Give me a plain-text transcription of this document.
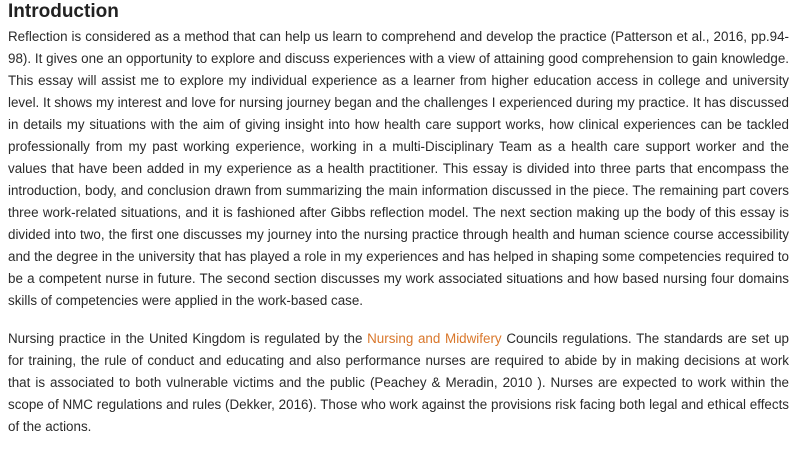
Introduction

Reflection is considered as a method that can help us learn to comprehend and develop the practice (Patterson et al., 2016, pp.94-98). It gives one an opportunity to explore and discuss experiences with a view of attaining good comprehension to gain knowledge. This essay will assist me to explore my individual experience as a learner from higher education access in college and university level. It shows my interest and love for nursing journey began and the challenges I experienced during my practice. It has discussed in details my situations with the aim of giving insight into how health care support works, how clinical experiences can be tackled professionally from my past working experience, working in a multi-Disciplinary Team as a health care support worker and the values that have been added in my experience as a health practitioner. This essay is divided into three parts that encompass the introduction, body, and conclusion drawn from summarizing the main information discussed in the piece. The remaining part covers three work-related situations, and it is fashioned after Gibbs reflection model. The next section making up the body of this essay is divided into two, the first one discusses my journey into the nursing practice through health and human science course accessibility and the degree in the university that has played a role in my experiences and has helped in shaping some competencies required to be a competent nurse in future. The second section discusses my work associated situations and how based nursing four domains skills of competencies were applied in the work-based case.

Nursing practice in the United Kingdom is regulated by the Nursing and Midwifery Councils regulations. The standards are set up for training, the rule of conduct and educating and also performance nurses are required to abide by in making decisions at work that is associated to both vulnerable victims and the public (Peachey & Meradin, 2010 ). Nurses are expected to work within the scope of NMC regulations and rules (Dekker, 2016). Those who work against the provisions risk facing both legal and ethical effects of the actions.
